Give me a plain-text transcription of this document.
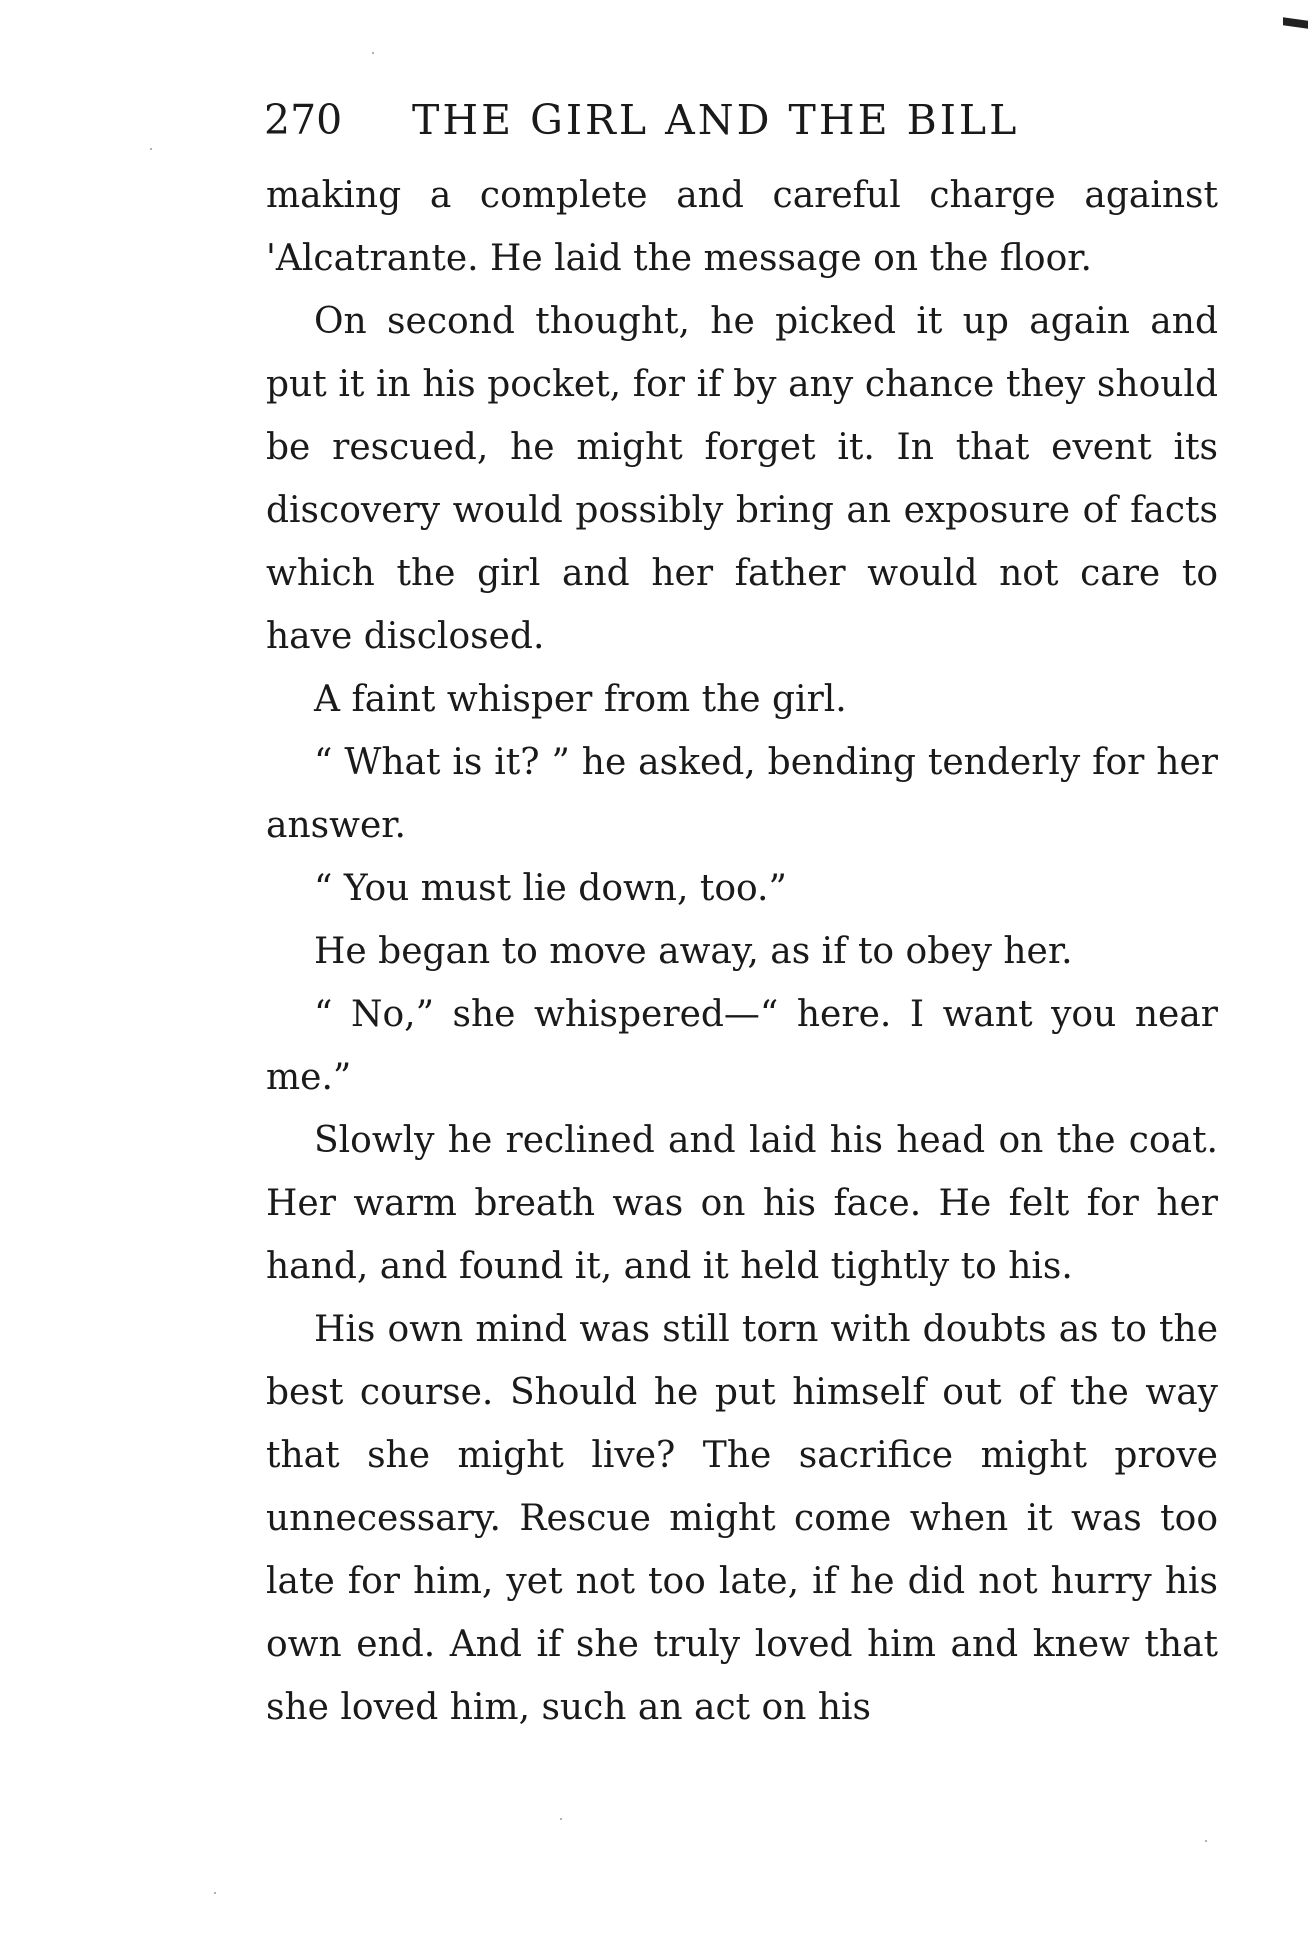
270 THE GIRL AND THE BILL

making a complete and careful charge against 'Alcatrante. He laid the message on the floor.

On second thought, he picked it up again and put it in his pocket, for if by any chance they should be rescued, he might forget it. In that event its discovery would possibly bring an exposure of facts which the girl and her father would not care to have disclosed.

A faint whisper from the girl.

“ What is it? ” he asked, bending tenderly for her answer.

“ You must lie down, too.”

He began to move away, as if to obey her.

“ No,” she whispered—“ here. I want you near me.”

Slowly he reclined and laid his head on the coat. Her warm breath was on his face. He felt for her hand, and found it, and it held tightly to his.

His own mind was still torn with doubts as to the best course. Should he put himself out of the way that she might live? The sacrifice might prove unnecessary. Rescue might come when it was too late for him, yet not too late, if he did not hurry his own end. And if she truly loved him and knew that she loved him, such an act on his
